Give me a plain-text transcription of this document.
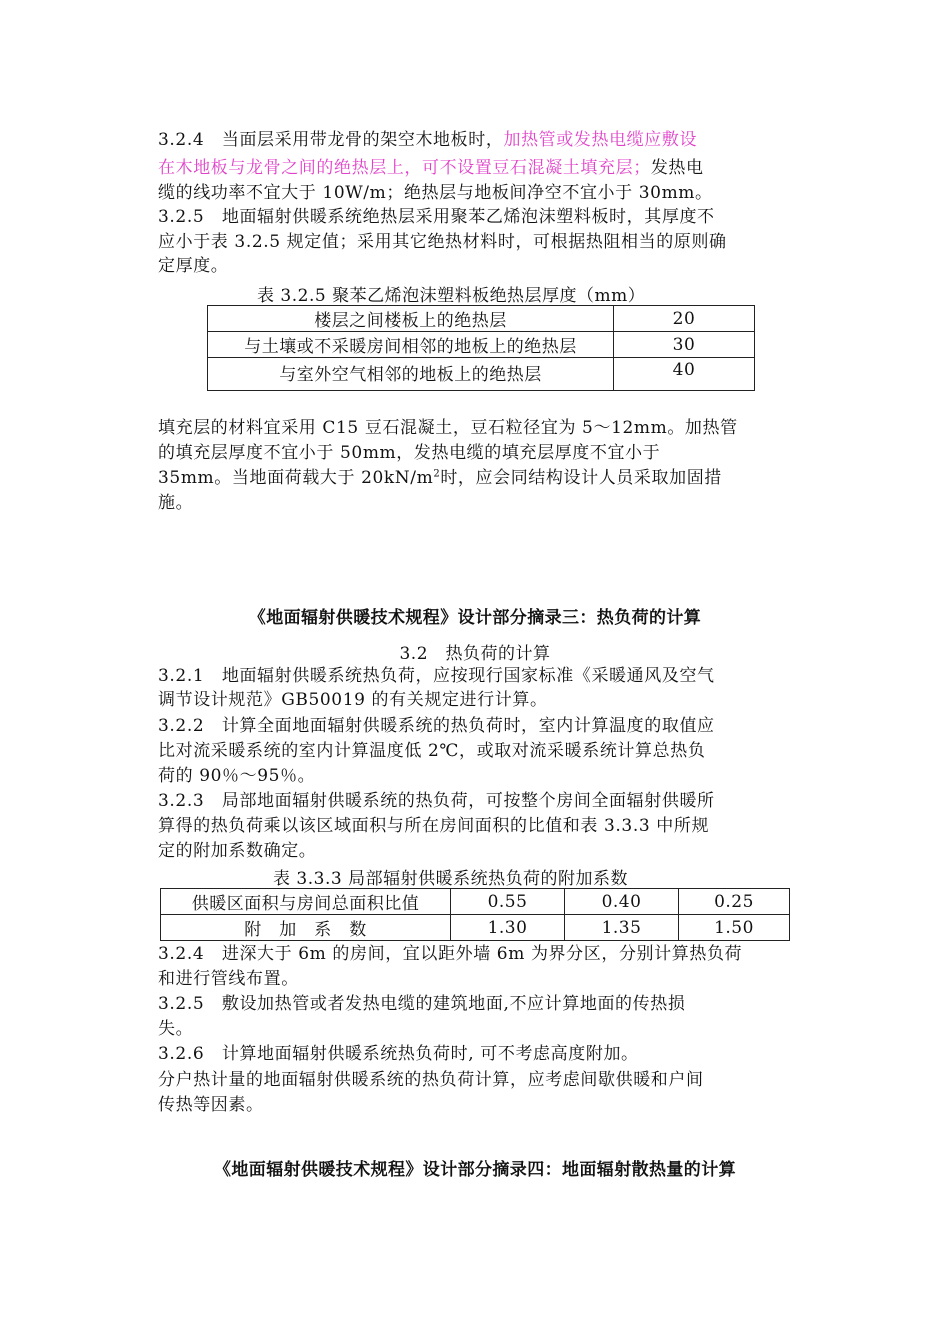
3.2.4　当面层采用带龙骨的架空木地板时，加热管或发热电缆应敷设
在木地板与龙骨之间的绝热层上，可不设置豆石混凝土填充层；发热电
缆的线功率不宜大于 10W/m；绝热层与地板间净空不宜小于 30mm。
3.2.5　地面辐射供暖系统绝热层采用聚苯乙烯泡沫塑料板时，其厚度不
应小于表 3.2.5 规定值；采用其它绝热材料时，可根据热阻相当的原则确
定厚度。
表 3.2.5 聚苯乙烯泡沫塑料板绝热层厚度（mm）
楼层之间楼板上的绝热层	20
与土壤或不采暖房间相邻的地板上的绝热层	30
与室外空气相邻的地板上的绝热层	40
填充层的材料宜采用 C15 豆石混凝土，豆石粒径宜为 5～12mm。加热管
的填充层厚度不宜小于 50mm，发热电缆的填充层厚度不宜小于
35mm。当地面荷载大于 $20kN/m^2$时，应会同结构设计人员采取加固措
施。
《地面辐射供暖技术规程》设计部分摘录三：热负荷的计算
3.2　热负荷的计算
3.2.1　地面辐射供暖系统热负荷，应按现行国家标准《采暖通风及空气
调节设计规范》GB50019 的有关规定进行计算。
3.2.2　计算全面地面辐射供暖系统的热负荷时，室内计算温度的取值应
比对流采暖系统的室内计算温度低 2℃，或取对流采暖系统计算总热负
荷的 90％～95％。
3.2.3　局部地面辐射供暖系统的热负荷，可按整个房间全面辐射供暖所
算得的热负荷乘以该区域面积与所在房间面积的比值和表 3.3.3 中所规
定的附加系数确定。
表 3.3.3 局部辐射供暖系统热负荷的附加系数
供暖区面积与房间总面积比值	0.55	0.40	0.25
附　加　系　数	1.30	1.35	1.50
3.2.4　进深大于 6m 的房间，宜以距外墙 6m 为界分区，分别计算热负荷
和进行管线布置。
3.2.5　敷设加热管或者发热电缆的建筑地面,不应计算地面的传热损
失。
3.2.6　计算地面辐射供暖系统热负荷时, 可不考虑高度附加。
分户热计量的地面辐射供暖系统的热负荷计算，应考虑间歇供暖和户间
传热等因素。
《地面辐射供暖技术规程》设计部分摘录四：地面辐射散热量的计算
